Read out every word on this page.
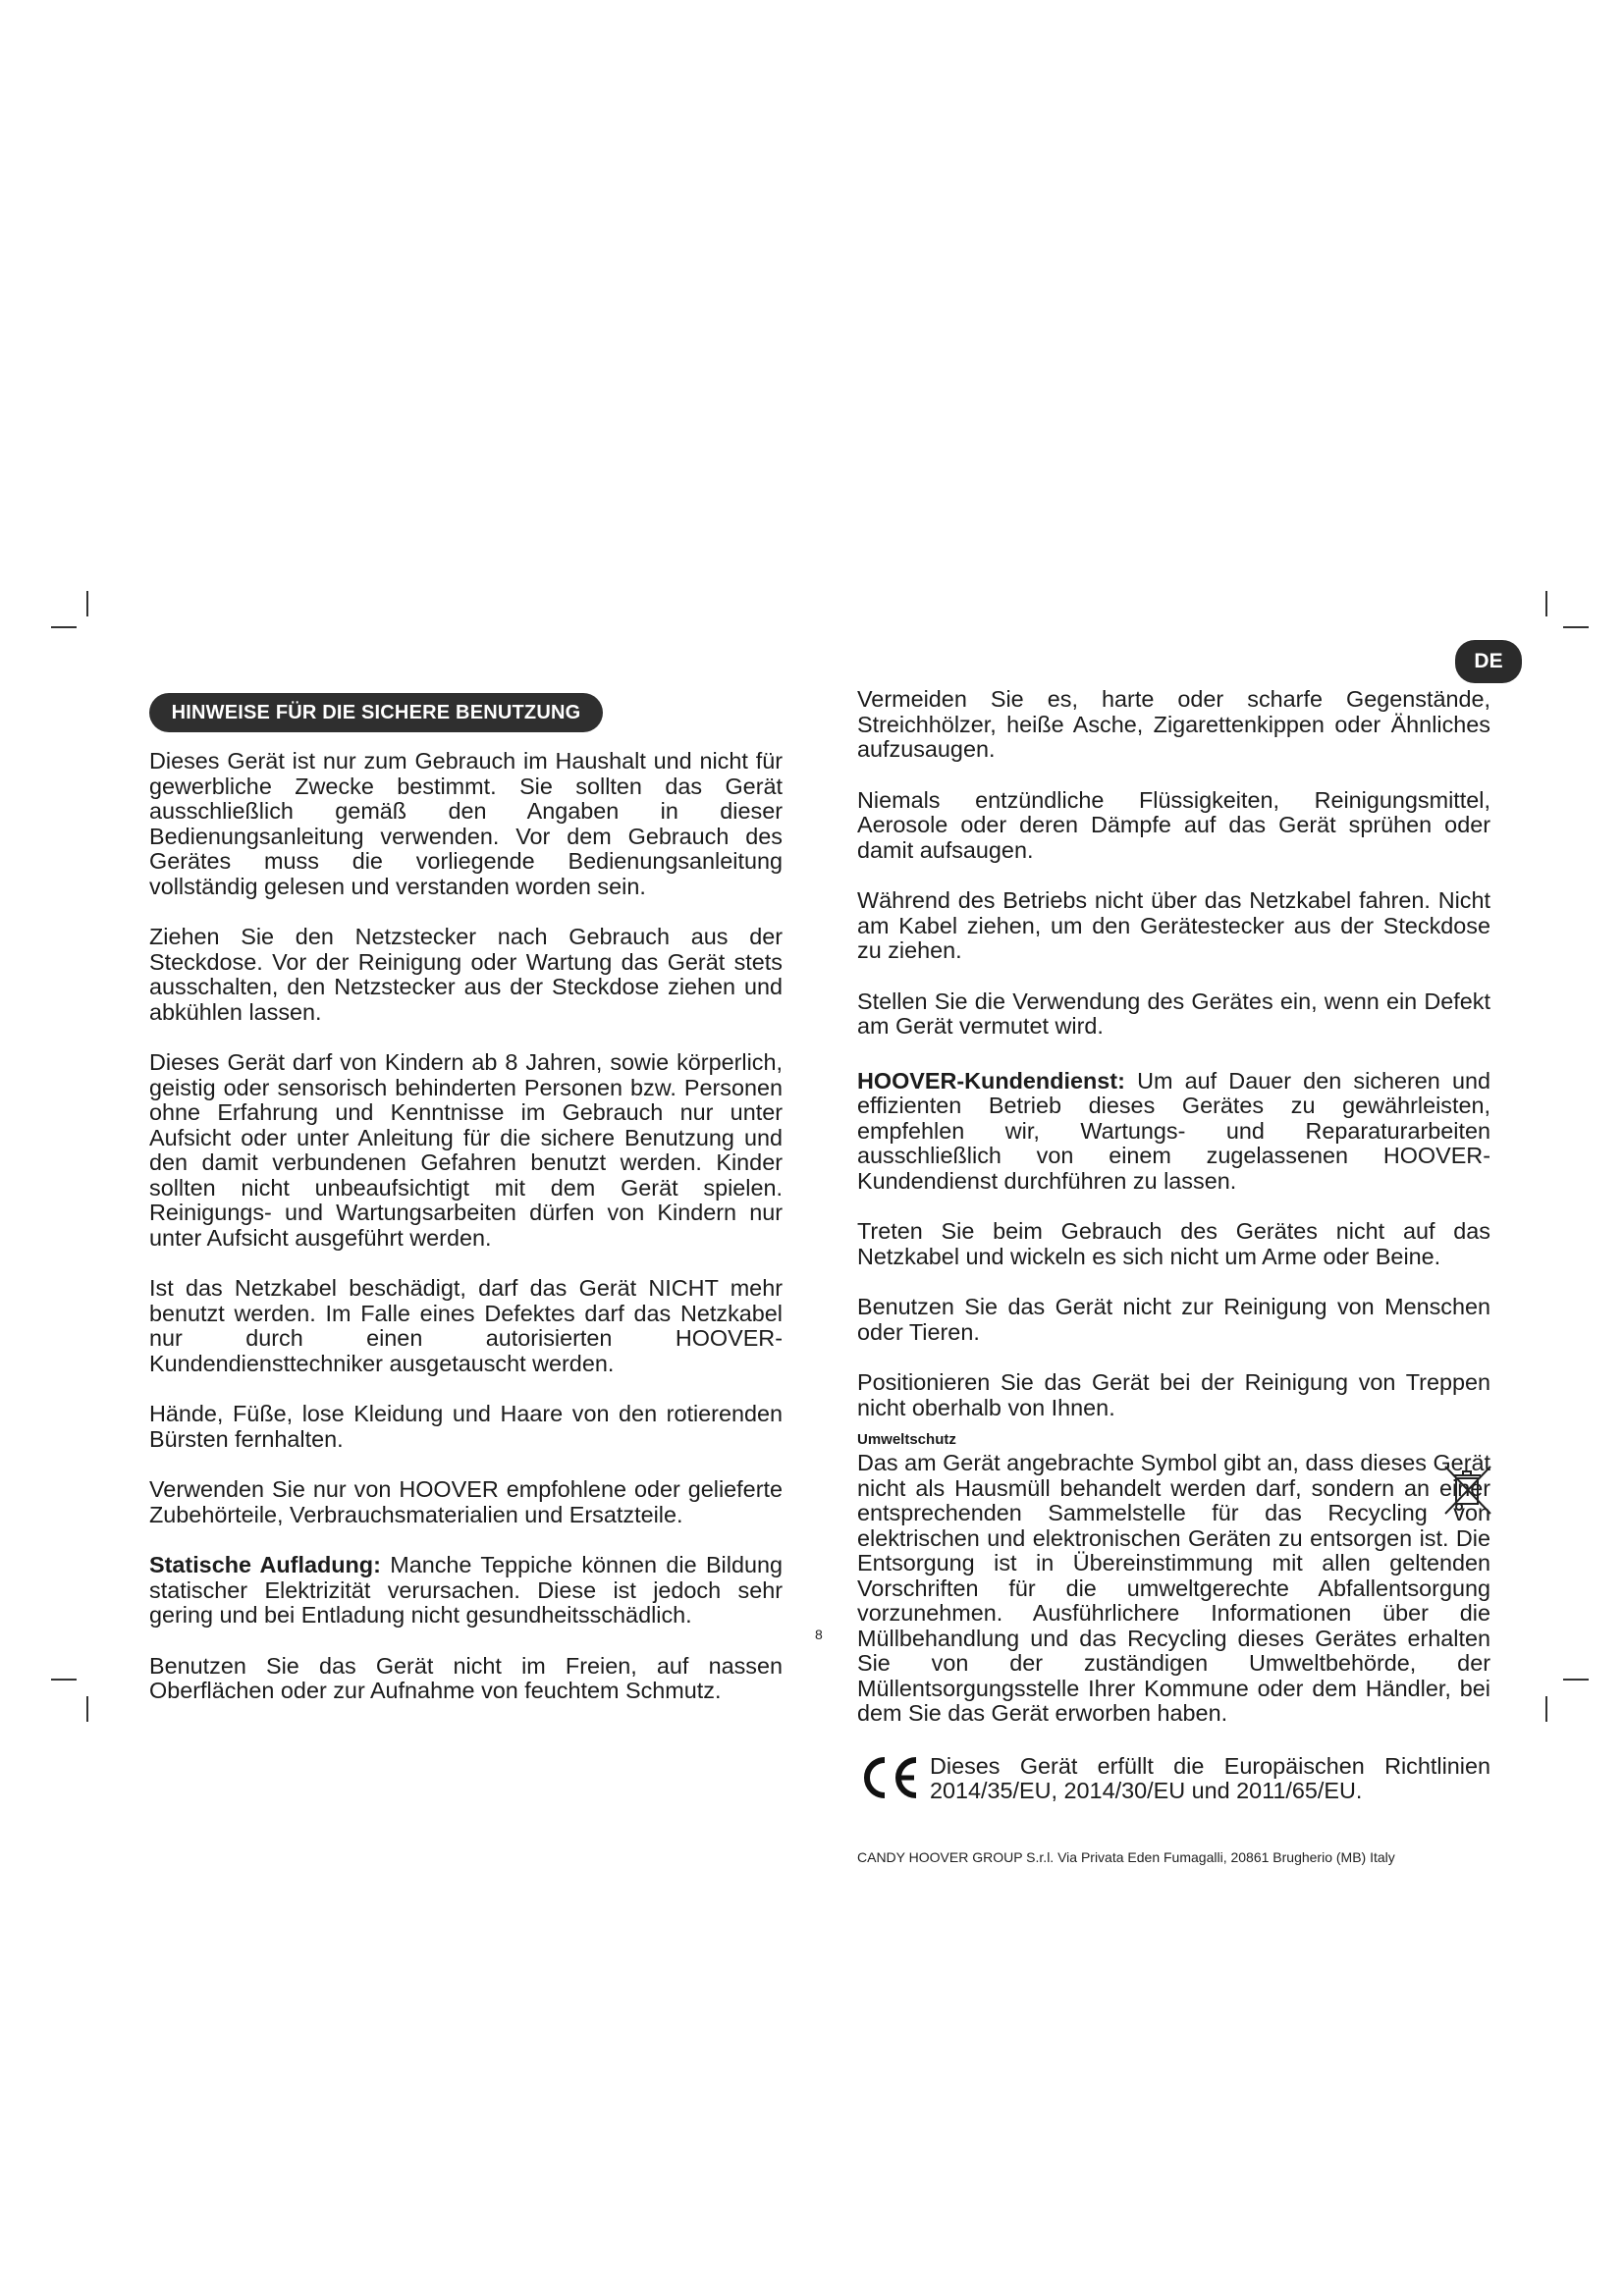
DE
HINWEISE FÜR DIE SICHERE BENUTZUNG

Dieses Gerät ist nur zum Gebrauch im Haushalt und nicht für gewerbliche Zwecke bestimmt. Sie sollten das Gerät ausschließlich gemäß den Angaben in dieser Bedienungsanleitung verwenden. Vor dem Gebrauch des Gerätes muss die vorliegende Bedienungsanleitung vollständig gelesen und verstanden worden sein.

Ziehen Sie den Netzstecker nach Gebrauch aus der Steckdose. Vor der Reinigung oder Wartung das Gerät stets ausschalten, den Netzstecker aus der Steckdose ziehen und abkühlen lassen.

Dieses Gerät darf von Kindern ab 8 Jahren, sowie körperlich, geistig oder sensorisch behinderten Personen bzw. Personen ohne Erfahrung und Kenntnisse im Gebrauch nur unter Aufsicht oder unter Anleitung für die sichere Benutzung und den damit verbundenen Gefahren benutzt werden. Kinder sollten nicht unbeaufsichtigt mit dem Gerät spielen. Reinigungs- und Wartungsarbeiten dürfen von Kindern nur unter Aufsicht ausgeführt werden.

Ist das Netzkabel beschädigt, darf das Gerät NICHT mehr benutzt werden. Im Falle eines Defektes darf das Netzkabel nur durch einen autorisierten HOOVER-Kundendiensttechniker ausgetauscht werden.

Hände, Füße, lose Kleidung und Haare von den rotierenden Bürsten fernhalten.

Verwenden Sie nur von HOOVER empfohlene oder gelieferte Zubehörteile, Verbrauchsmaterialien und Ersatzteile.

Statische Aufladung: Manche Teppiche können die Bildung statischer Elektrizität verursachen. Diese ist jedoch sehr gering und bei Entladung nicht gesundheitsschädlich.

Benutzen Sie das Gerät nicht im Freien, auf nassen Oberflächen oder zur Aufnahme von feuchtem Schmutz.

Vermeiden Sie es, harte oder scharfe Gegenstände, Streichhölzer, heiße Asche, Zigarettenkippen oder Ähnliches aufzusaugen.

Niemals entzündliche Flüssigkeiten, Reinigungsmittel, Aerosole oder deren Dämpfe auf das Gerät sprühen oder damit aufsaugen.

Während des Betriebs nicht über das Netzkabel fahren. Nicht am Kabel ziehen, um den Gerätestecker aus der Steckdose zu ziehen.

Stellen Sie die Verwendung des Gerätes ein, wenn ein Defekt am Gerät vermutet wird.

HOOVER-Kundendienst: Um auf Dauer den sicheren und effizienten Betrieb dieses Gerätes zu gewährleisten, empfehlen wir, Wartungs- und Reparaturarbeiten ausschließlich von einem zugelassenen HOOVER-Kundendienst durchführen zu lassen.

Treten Sie beim Gebrauch des Gerätes nicht auf das Netzkabel und wickeln es sich nicht um Arme oder Beine.

Benutzen Sie das Gerät nicht zur Reinigung von Menschen oder Tieren.

Positionieren Sie das Gerät bei der Reinigung von Treppen nicht oberhalb von Ihnen.

Umweltschutz

Das am Gerät angebrachte Symbol gibt an, dass dieses Gerät nicht als Hausmüll behandelt werden darf, sondern an einer entsprechenden Sammelstelle für das Recycling von elektrischen und elektronischen Geräten zu entsorgen ist. Die Entsorgung ist in Übereinstimmung mit allen geltenden Vorschriften für die umweltgerechte Abfallentsorgung vorzunehmen. Ausführlichere Informationen über die Müllbehandlung und das Recycling dieses Gerätes erhalten Sie von der zuständigen Umweltbehörde, der Müllentsorgungsstelle Ihrer Kommune oder dem Händler, bei dem Sie das Gerät erworben haben.

Dieses Gerät erfüllt die Europäischen Richtlinien 2014/35/EU, 2014/30/EU und 2011/65/EU.

CANDY HOOVER GROUP S.r.l. Via Privata Eden Fumagalli, 20861 Brugherio (MB) Italy
8
